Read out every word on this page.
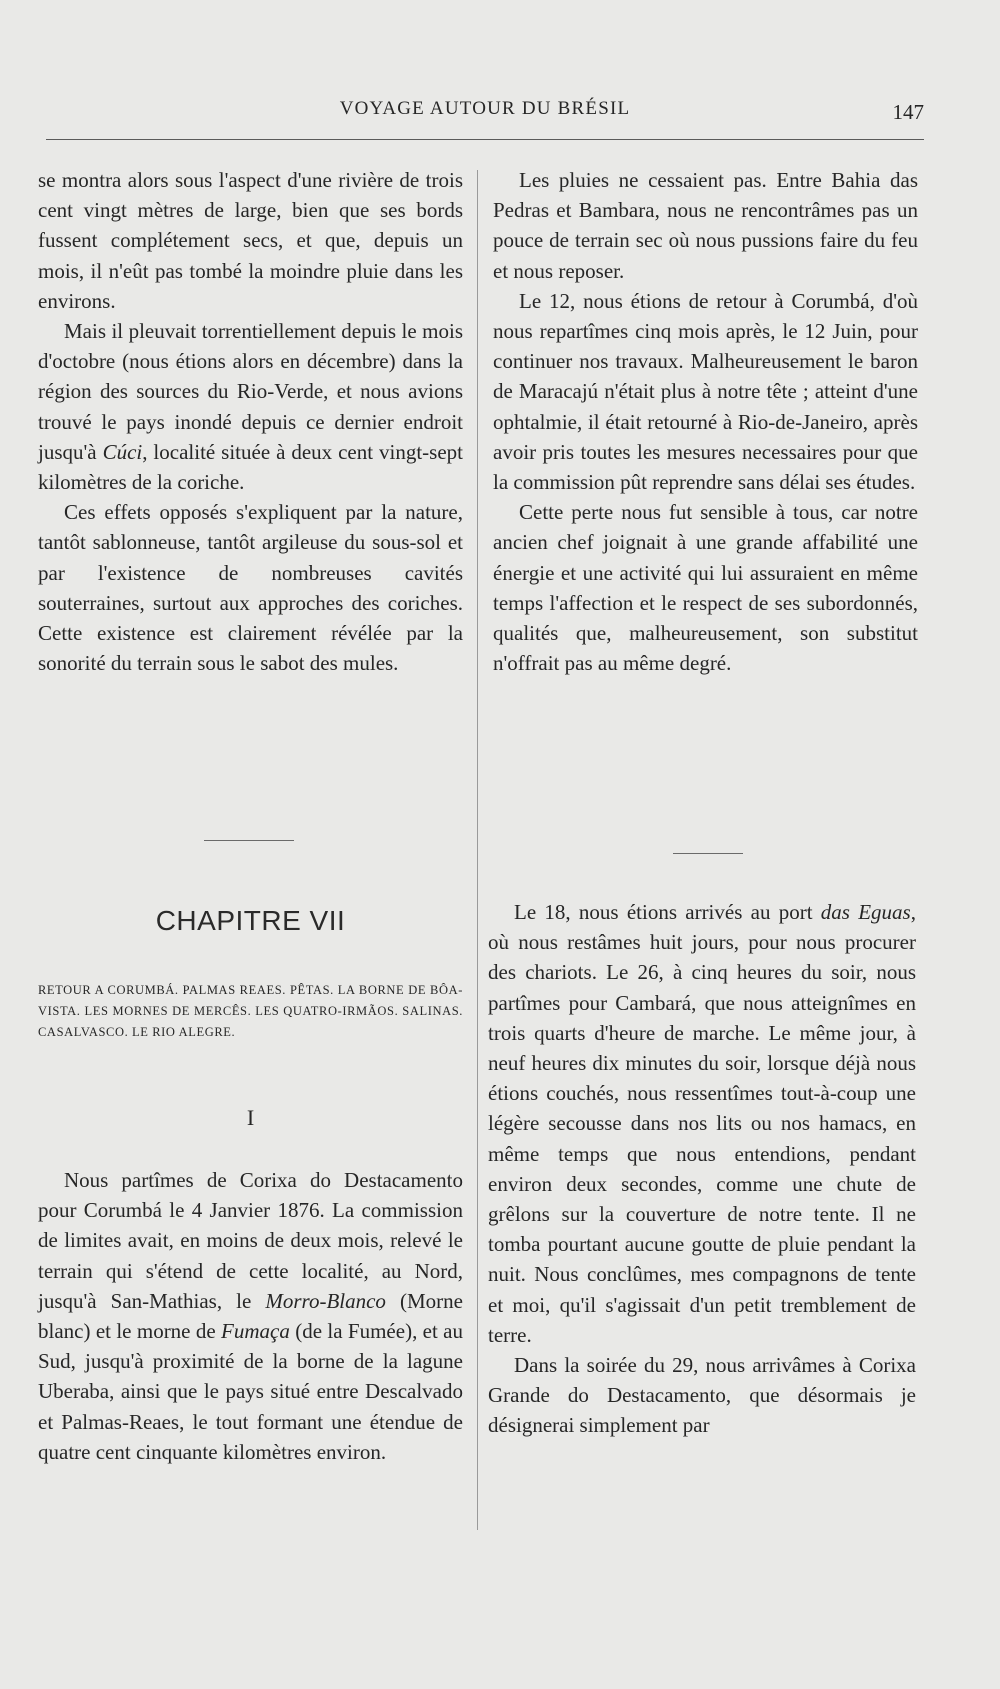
VOYAGE AUTOUR DU BRÉSIL	147

se montra alors sous l'aspect d'une rivière de trois cent vingt mètres de large, bien que ses bords fussent complétement secs, et que, depuis un mois, il n'eût pas tombé la moindre pluie dans les environs.

Mais il pleuvait torrentiellement depuis le mois d'octobre (nous étions alors en décembre) dans la région des sources du Rio-Verde, et nous avions trouvé le pays inondé depuis ce dernier endroit jusqu'à Cúci, localité située à deux cent vingt-sept kilomètres de la coriche.

Ces effets opposés s'expliquent par la nature, tantôt sablonneuse, tantôt argileuse du sous-sol et par l'existence de nombreuses cavités souterraines, surtout aux approches des coriches. Cette existence est clairement révélée par la sonorité du terrain sous le sabot des mules.

Les pluies ne cessaient pas. Entre Bahia das Pedras et Bambara, nous ne rencontrâmes pas un pouce de terrain sec où nous pussions faire du feu et nous reposer.

Le 12, nous étions de retour à Corumbá, d'où nous repartîmes cinq mois après, le 12 Juin, pour continuer nos travaux. Malheureusement le baron de Maracajú n'était plus à notre tête ; atteint d'une ophtalmie, il était retourné à Rio-de-Janeiro, après avoir pris toutes les mesures necessaires pour que la commission pût reprendre sans délai ses études.

Cette perte nous fut sensible à tous, car notre ancien chef joignait à une grande affabilité une énergie et une activité qui lui assuraient en même temps l'affection et le respect de ses subordonnés, qualités que, malheureusement, son substitut n'offrait pas au même degré.

CHAPITRE VII
RETOUR A CORUMBÁ. PALMAS REAES. PÊTAS. LA BORNE DE BÔA-VISTA. LES MORNES DE MERCÊS. LES QUATRO-IRMÃOS. SALINAS. CASALVASCO. LE RIO ALEGRE.
I

Nous partîmes de Corixa do Destacamento pour Corumbá le 4 Janvier 1876. La commission de limites avait, en moins de deux mois, relevé le terrain qui s'étend de cette localité, au Nord, jusqu'à San-Mathias, le Morro-Blanco (Morne blanc) et le morne de Fumaça (de la Fumée), et au Sud, jusqu'à proximité de la borne de la lagune Uberaba, ainsi que le pays situé entre Descalvado et Palmas-Reaes, le tout formant une étendue de quatre cent cinquante kilomètres environ.

Le 18, nous étions arrivés au port das Eguas, où nous restâmes huit jours, pour nous procurer des chariots. Le 26, à cinq heures du soir, nous partîmes pour Cambará, que nous atteignîmes en trois quarts d'heure de marche. Le même jour, à neuf heures dix minutes du soir, lorsque déjà nous étions couchés, nous ressentîmes tout-à-coup une légère secousse dans nos lits ou nos hamacs, en même temps que nous entendions, pendant environ deux secondes, comme une chute de grêlons sur la couverture de notre tente. Il ne tomba pourtant aucune goutte de pluie pendant la nuit. Nous conclûmes, mes compagnons de tente et moi, qu'il s'agissait d'un petit tremblement de terre.

Dans la soirée du 29, nous arrivâmes à Corixa Grande do Destacamento, que désormais je désignerai simplement par
